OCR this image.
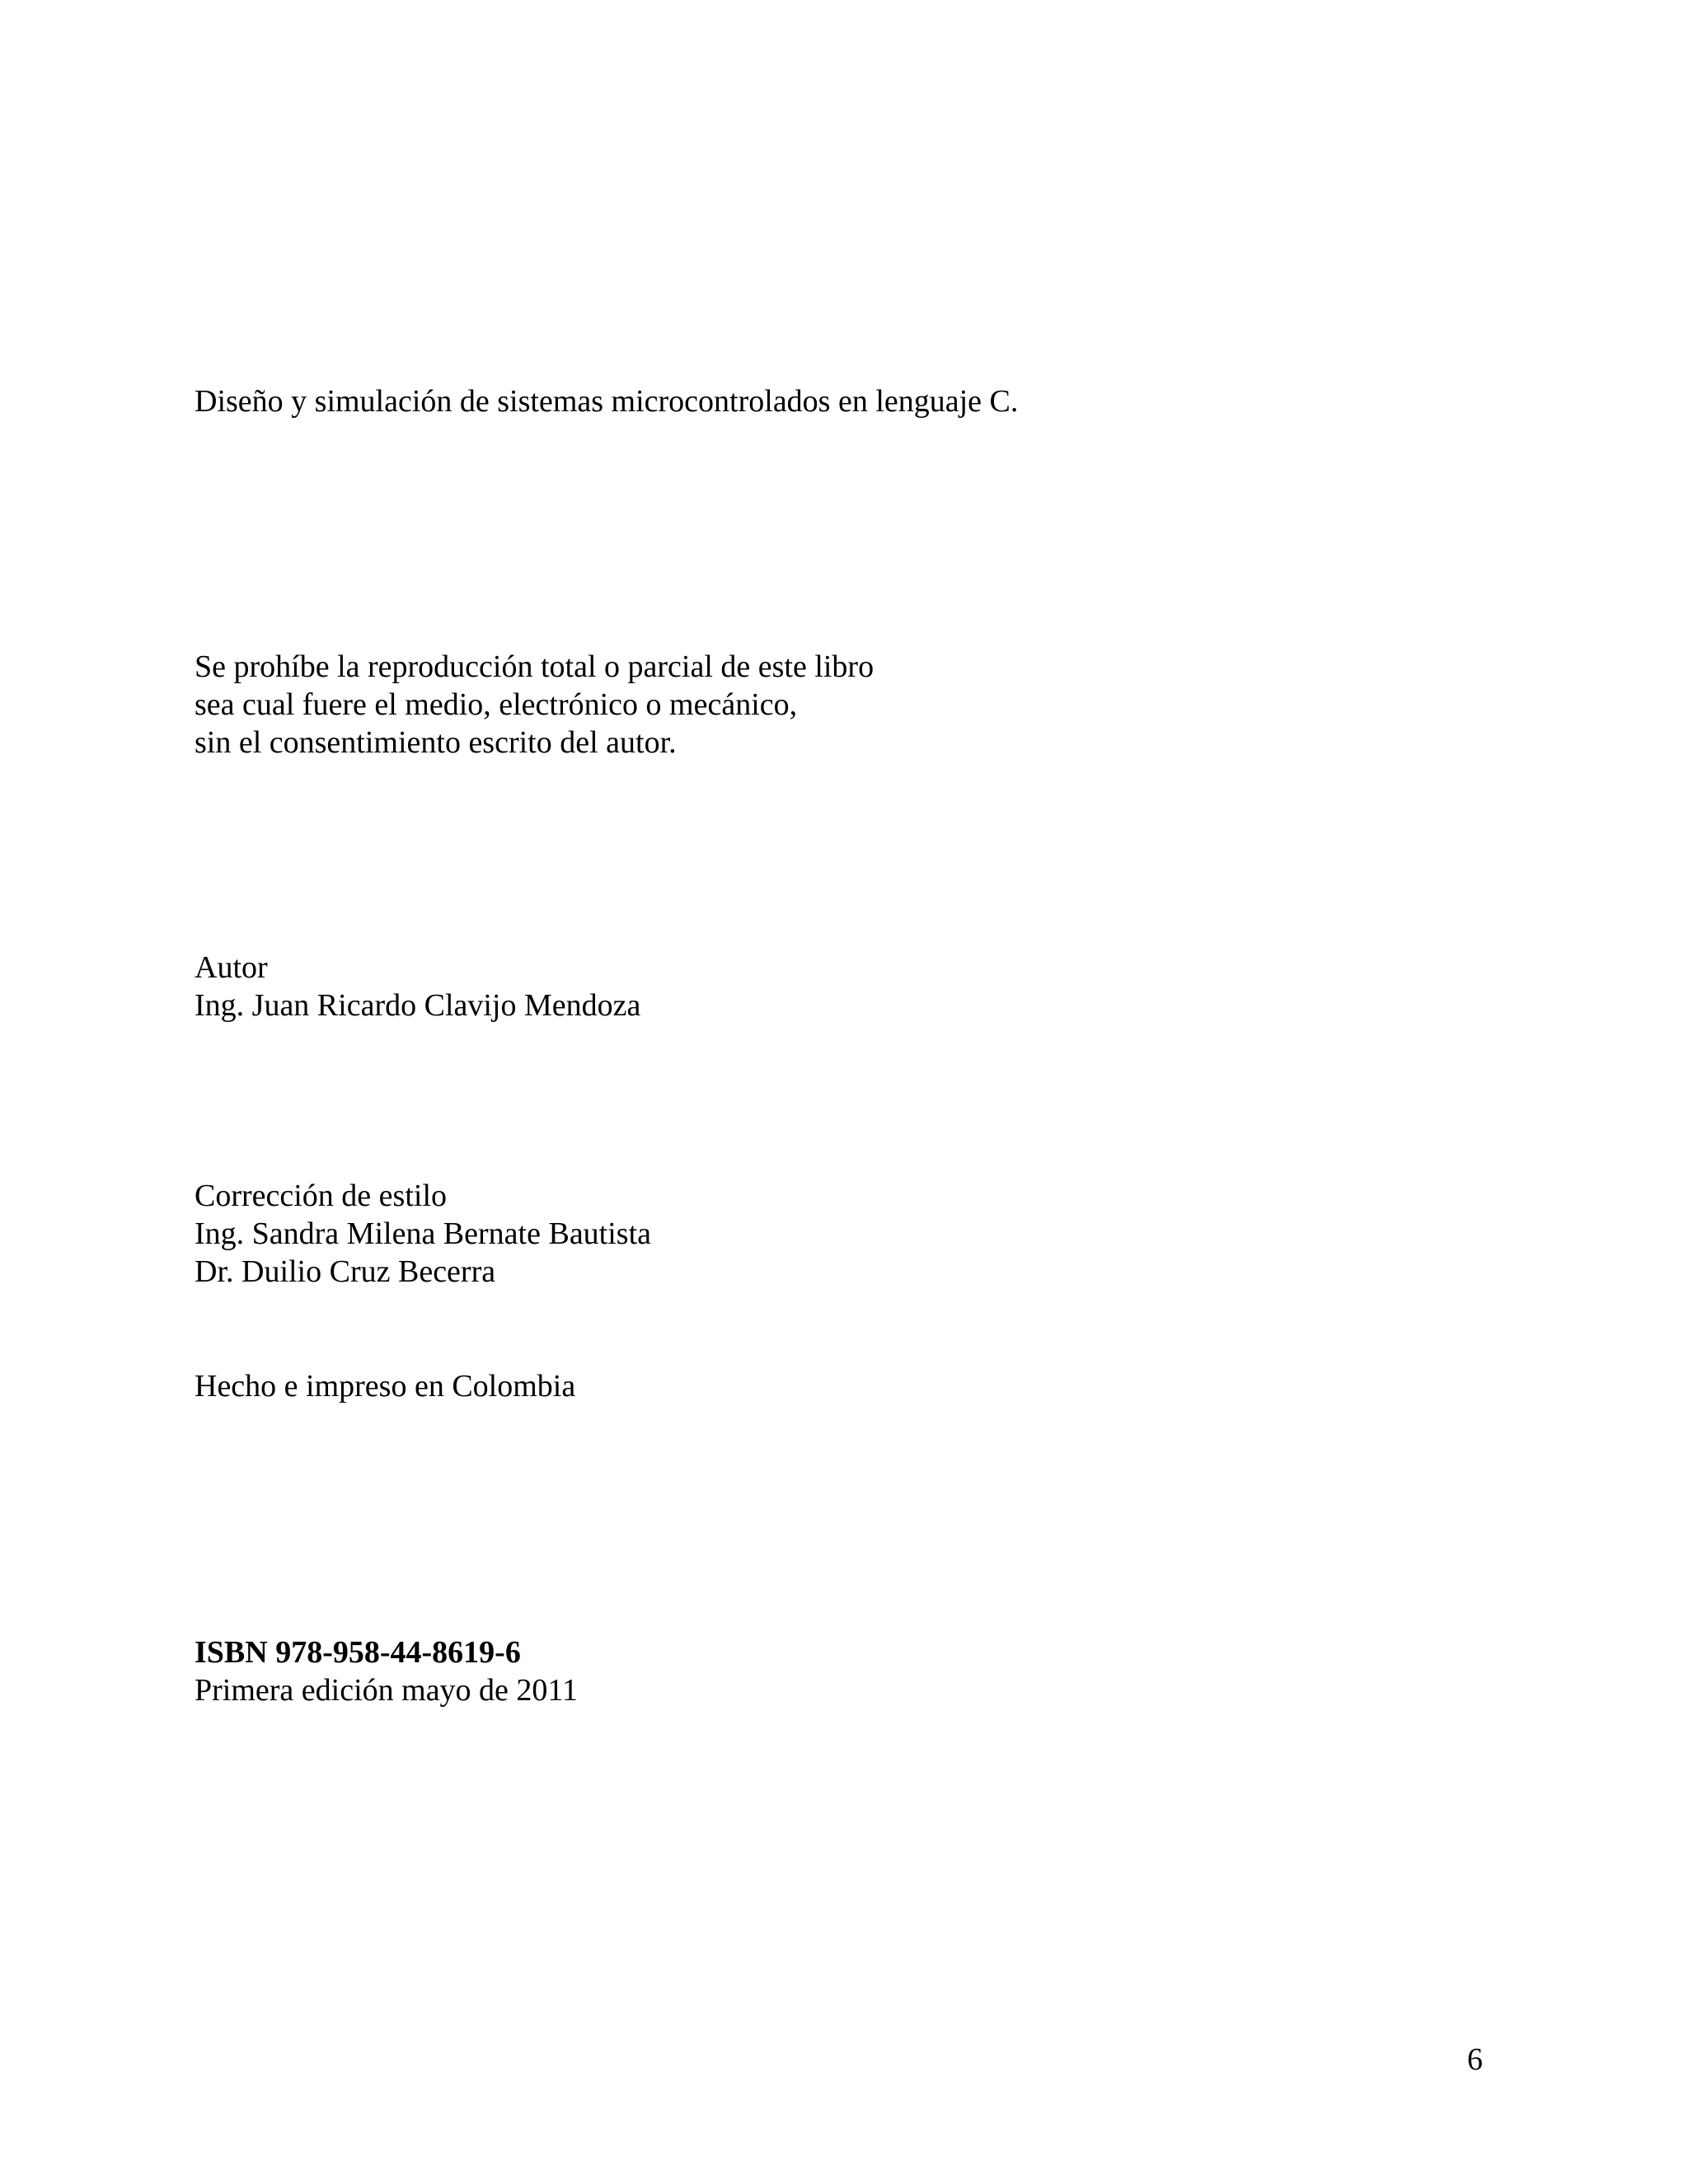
Diseño y simulación de sistemas microcontrolados en lenguaje C.

Se prohíbe la reproducción total o parcial de este libro
sea cual fuere el medio, electrónico o mecánico,
sin el consentimiento escrito del autor.
Autor
Ing. Juan Ricardo Clavijo Mendoza
Corrección de estilo
Ing. Sandra Milena Bernate Bautista
Dr. Duilio Cruz Becerra

Hecho e impreso en Colombia

ISBN 978-958-44-8619-6
Primera edición mayo de 2011
6
